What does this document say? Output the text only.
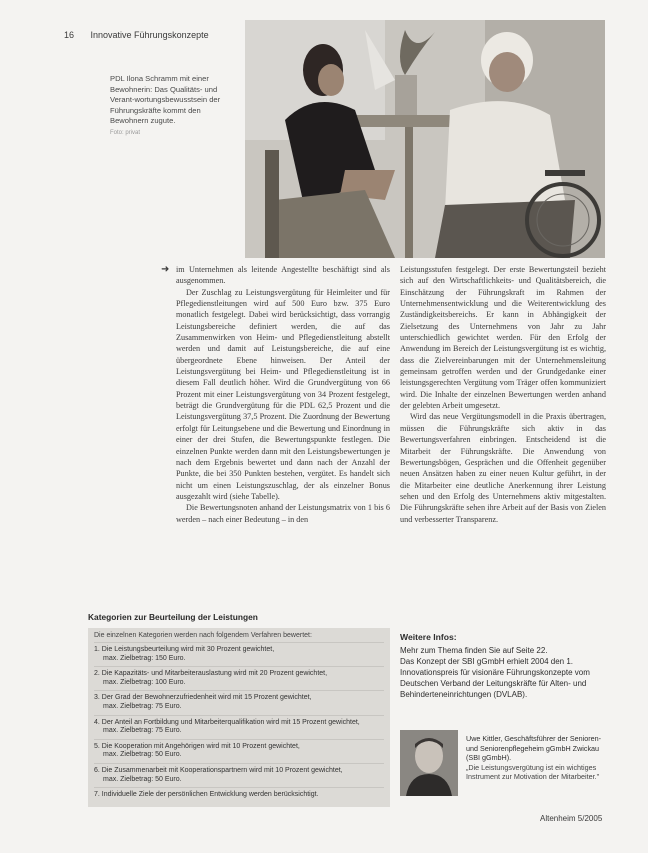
16 Innovative Führungskonzepte
PDL Ilona Schramm mit einer Bewohnerin: Das Qualitäts- und Verant-wortungsbewusstsein der Führungskräfte kommt den Bewohnern zugute.
Foto: privat
➜ im Unternehmen als leitende Angestellte beschäftigt sind als ausgenommen.

Der Zuschlag zu Leistungsvergütung für Heimleiter und für Pflegedienstleitungen wird auf 500 Euro bzw. 375 Euro monatlich festgelegt. Dabei wird berücksichtigt, dass vorrangig Leistungsbereiche definiert werden, die auf das Zusammenwirken von Heim- und Pflegedienstleitung abstellt werden und damit auf Leistungsbereiche, die auf eine übergeordnete Ebene hinweisen. Der Anteil der Leistungsvergütung bei Heim- und Pflegedienstleitung ist in diesem Fall deutlich höher. Wird die Grundvergütung von 66 Prozent mit einer Leistungsvergütung von 34 Prozent festgelegt, beträgt die Grundvergütung für die PDL 62,5 Prozent und die Leistungsvergütung 37,5 Prozent. Die Zuordnung der Bewertung erfolgt für Leitungsebene und die Bewertung und Einordnung in einer der drei Stufen, die Bewertungspunkte festlegen. Die einzelnen Punkte werden dann mit den Leistungsbewertungen je nach dem Ergebnis bewertet und dann nach der Anzahl der Punkte, die bei 350 Punkten bestehen, vergütet. Es handelt sich nicht um einen Leistungszuschlag, der als einzelner Bonus ausgezahlt wird (siehe Tabelle).

Die Bewertungsnoten anhand der Leistungsmatrix von 1 bis 6 werden – nach einer Bedeutung – in den

Leistungsstufen festgelegt. Der erste Bewertungsteil bezieht sich auf den Wirtschaftlichkeits- und Qualitätsbereich, die Einschätzung der Führungskraft im Rahmen der Unternehmensentwicklung und die Weiterentwicklung des Zuständigkeitsbereichs. Er kann in Abhängigkeit der Zielsetzung des Unternehmens von Jahr zu Jahr unterschiedlich gewichtet werden. Für den Erfolg der Anwendung im Bereich der Leistungsvergütung ist es wichtig, dass die Zielvereinbarungen mit der Unternehmensleitung gemeinsam getroffen werden und der Grundgedanke einer leistungsgerechten Vergütung vom Träger offen kommuniziert wird. Die Inhalte der einzelnen Bewertungen werden anhand der gelebten Arbeit umgesetzt.

Wird das neue Vergütungsmodell in die Praxis übertragen, müssen die Führungskräfte sich aktiv in das Bewertungsverfahren einbringen. Entscheidend ist die Mitarbeit der Führungskräfte. Die Anwendung von Bewertungsbögen, Gesprächen und die Offenheit gegenüber neuen Ansätzen haben zu einer neuen Kultur geführt, in der die Mitarbeiter eine deutliche Anerkennung ihrer Leistung sehen und den Erfolg des Unternehmens aktiv mitgestalten. Die Führungskräfte sehen ihre Arbeit auf der Basis von Zielen und verbesserter Transparenz.

Kategorien zur Beurteilung der Leistungen
Die einzelnen Kategorien werden nach folgendem Verfahren bewertet:
1. Die Leistungsbeurteilung wird mit 30 Prozent gewichtet,
max. Zielbetrag: 150 Euro.
2. Die Kapazitäts- und Mitarbeiterauslastung wird mit 20 Prozent gewichtet,
max. Zielbetrag: 100 Euro.
3. Der Grad der Bewohnerzufriedenheit wird mit 15 Prozent gewichtet,
max. Zielbetrag: 75 Euro.
4. Der Anteil an Fortbildung und Mitarbeiterqualifikation wird mit 15 Prozent gewichtet,
max. Zielbetrag: 75 Euro.
5. Die Kooperation mit Angehörigen wird mit 10 Prozent gewichtet,
max. Zielbetrag: 50 Euro.
6. Die Zusammenarbeit mit Kooperationspartnern wird mit 10 Prozent gewichtet,
max. Zielbetrag: 50 Euro.
7. Individuelle Ziele der persönlichen Entwicklung werden berücksichtigt.
Weitere Infos:

Mehr zum Thema finden Sie auf Seite 22.

Das Konzept der SBI gGmbH erhielt 2004 den 1. Innovationspreis für visionäre Führungskonzepte vom Deutschen Verband der Leitungskräfte für Alten- und Behinderteneinrichtungen (DVLAB).

Uwe Kittler, Geschäftsführer der Senioren- und Seniorenpflegeheim gGmbH Zwickau (SBI gGmbH).
„Die Leistungsvergütung ist ein wichtiges Instrument zur Motivation der Mitarbeiter."
Altenheim 5/2005
